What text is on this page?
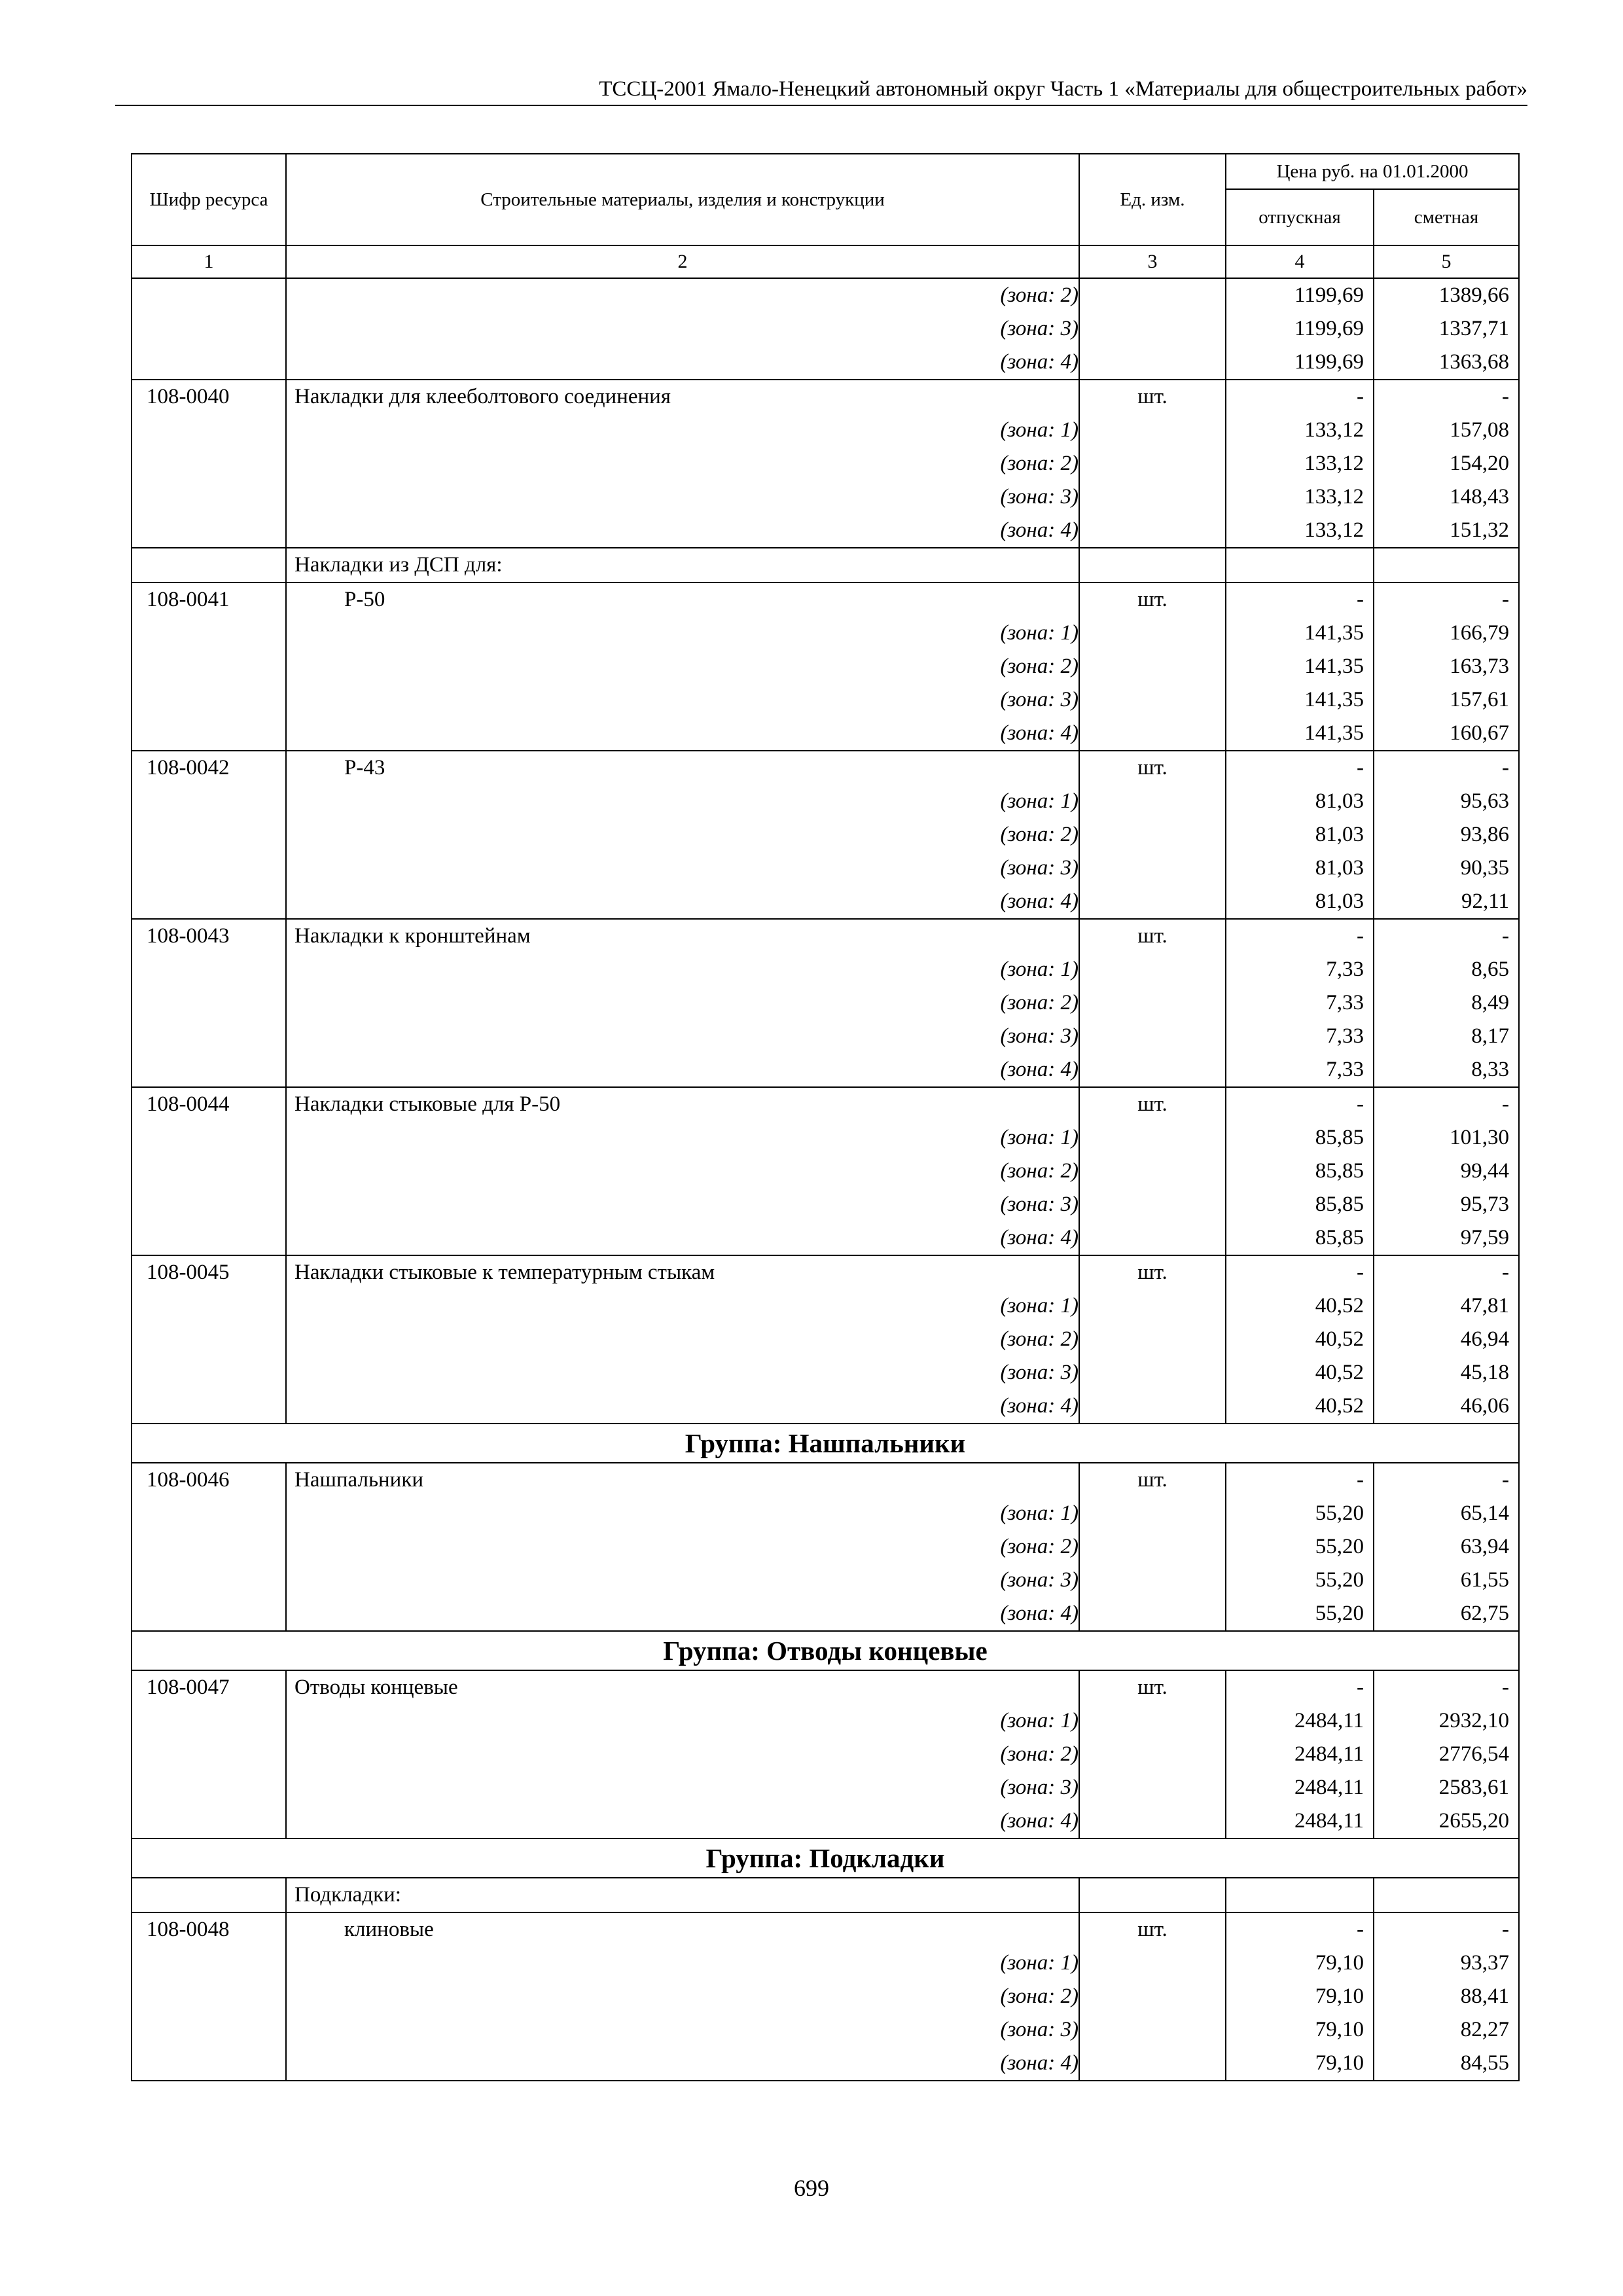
ТССЦ-2001 Ямало-Ненецкий автономный округ Часть 1 «Материалы для общестроительных работ»
Шифр ресурса	Строительные материалы, изделия и конструкции	Ед. изм.	Цена руб. на 01.01.2000	
			отпускная	сметная
1	2	3	4	5
	(зона: 2)		1199,69	1389,66
	(зона: 3)		1199,69	1337,71
	(зона: 4)		1199,69	1363,68
108-0040	Накладки для клееболтового соединения	шт.	-	-
	(зона: 1)		133,12	157,08
	(зона: 2)		133,12	154,20
	(зона: 3)		133,12	148,43
	(зона: 4)		133,12	151,32
	Накладки из ДСП для:			
108-0041	Р-50	шт.	-	-
	(зона: 1)		141,35	166,79
	(зона: 2)		141,35	163,73
	(зона: 3)		141,35	157,61
	(зона: 4)		141,35	160,67
108-0042	Р-43	шт.	-	-
	(зона: 1)		81,03	95,63
	(зона: 2)		81,03	93,86
	(зона: 3)		81,03	90,35
	(зона: 4)		81,03	92,11
108-0043	Накладки к кронштейнам	шт.	-	-
	(зона: 1)		7,33	8,65
	(зона: 2)		7,33	8,49
	(зона: 3)		7,33	8,17
	(зона: 4)		7,33	8,33
108-0044	Накладки стыковые для Р-50	шт.	-	-
	(зона: 1)		85,85	101,30
	(зона: 2)		85,85	99,44
	(зона: 3)		85,85	95,73
	(зона: 4)		85,85	97,59
108-0045	Накладки стыковые к температурным стыкам	шт.	-	-
	(зона: 1)		40,52	47,81
	(зона: 2)		40,52	46,94
	(зона: 3)		40,52	45,18
	(зона: 4)		40,52	46,06
Группа: Нашпальники				
108-0046	Нашпальники	шт.	-	-
	(зона: 1)		55,20	65,14
	(зона: 2)		55,20	63,94
	(зона: 3)		55,20	61,55
	(зона: 4)		55,20	62,75
Группа: Отводы концевые				
108-0047	Отводы концевые	шт.	-	-
	(зона: 1)		2484,11	2932,10
	(зона: 2)		2484,11	2776,54
	(зона: 3)		2484,11	2583,61
	(зона: 4)		2484,11	2655,20
Группа: Подкладки				
	Подкладки:			
108-0048	клиновые	шт.	-	-
	(зона: 1)		79,10	93,37
	(зона: 2)		79,10	88,41
	(зона: 3)		79,10	82,27
	(зона: 4)		79,10	84,55
699
